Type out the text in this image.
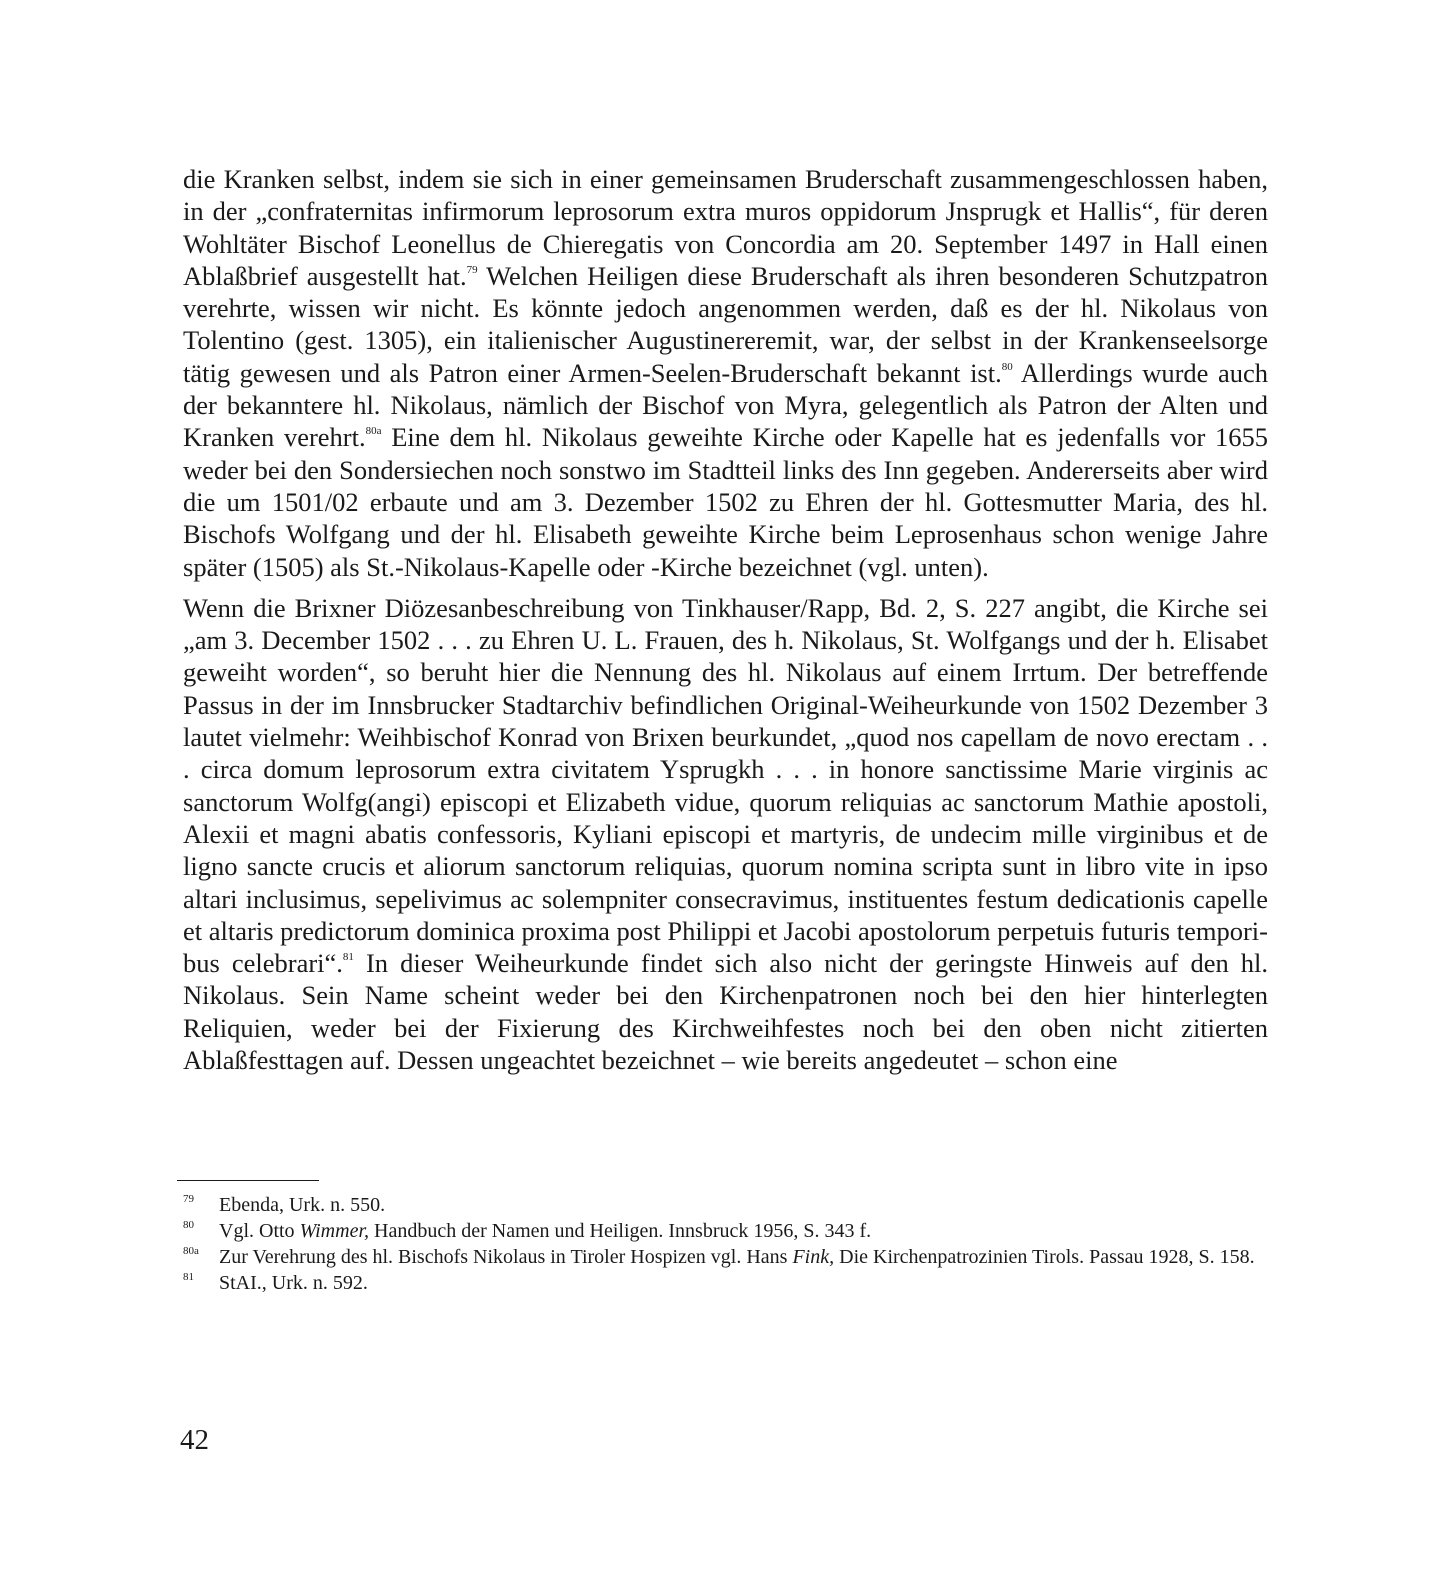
die Kranken selbst, indem sie sich in einer gemeinsamen Bruderschaft zusammengeschlossen haben, in der „confraternitas infirmorum leprosorum extra muros oppidorum Jnsprugk et Hallis“, für deren Wohltäter Bischof Leonellus de Chieregatis von Concordia am 20. September 1497 in Hall einen Ablaßbrief ausgestellt hat.$^{79}$ Welchen Heiligen diese Bruderschaft als ihren besonderen Schutzpatron verehrte, wissen wir nicht. Es könnte jedoch angenommen werden, daß es der hl. Nikolaus von Tolentino (gest. 1305), ein italienischer Augustinereremit, war, der selbst in der Krankenseelsorge tätig gewesen und als Patron einer Armen-Seelen-Bruderschaft bekannt ist.$^{80}$ Allerdings wurde auch der bekanntere hl. Nikolaus, nämlich der Bischof von Myra, gelegentlich als Patron der Alten und Kranken verehrt.$^{80a}$ Eine dem hl. Nikolaus geweihte Kirche oder Kapelle hat es jedenfalls vor 1655 weder bei den Sondersiechen noch sonstwo im Stadtteil links des Inn gegeben. Andererseits aber wird die um 1501/02 erbaute und am 3. Dezember 1502 zu Ehren der hl. Gottesmutter Maria, des hl. Bischofs Wolfgang und der hl. Elisabeth geweihte Kirche beim Leprosenhaus schon wenige Jahre später (1505) als St.-Nikolaus-Kapelle oder -Kirche bezeichnet (vgl. unten).

Wenn die Brixner Diözesanbeschreibung von Tinkhauser/Rapp, Bd. 2, S. 227 angibt, die Kirche sei „am 3. December 1502 . . . zu Ehren U. L. Frauen, des h. Nikolaus, St. Wolfgangs und der h. Elisabet geweiht worden“, so beruht hier die Nennung des hl. Nikolaus auf einem Irrtum. Der betreffende Passus in der im Innsbrucker Stadtarchiv befindlichen Original-Weiheurkunde von 1502 Dezember 3 lautet vielmehr: Weihbischof Konrad von Brixen beurkundet, „quod nos capellam de novo erectam . . . circa domum leprosorum extra civitatem Ysprugkh . . . in honore sanctissime Marie virginis ac sanctorum Wolfg(angi) episcopi et Elizabeth vidue, quorum reliquias ac sanctorum Mathie apostoli, Alexii et magni abatis confessoris, Kyliani episcopi et martyris, de undecim mille virginibus et de ligno sancte crucis et aliorum sanctorum reliquias, quorum nomina scripta sunt in libro vite in ipso altari inclusimus, sepelivimus ac solempniter consecravimus, instituentes festum dedicationis capelle et altaris predictorum dominica proxima post Philippi et Jacobi apostolorum perpetuis futuris temporibus celebrari“.$^{81}$ In dieser Weiheurkunde findet sich also nicht der geringste Hinweis auf den hl. Nikolaus. Sein Name scheint weder bei den Kirchenpatronen noch bei den hier hinterlegten Reliquien, weder bei der Fixierung des Kirchweihfestes noch bei den oben nicht zitierten Ablaßfesttagen auf. Dessen ungeachtet bezeichnet – wie bereits angedeutet – schon eine

79 Ebenda, Urk. n. 550.
80 Vgl. Otto Wimmer, Handbuch der Namen und Heiligen. Innsbruck 1956, S. 343 f.
80a Zur Verehrung des hl. Bischofs Nikolaus in Tiroler Hospizen vgl. Hans Fink, Die Kirchenpatrozinien Tirols. Passau 1928, S. 158.
81 StAI., Urk. n. 592.
42
